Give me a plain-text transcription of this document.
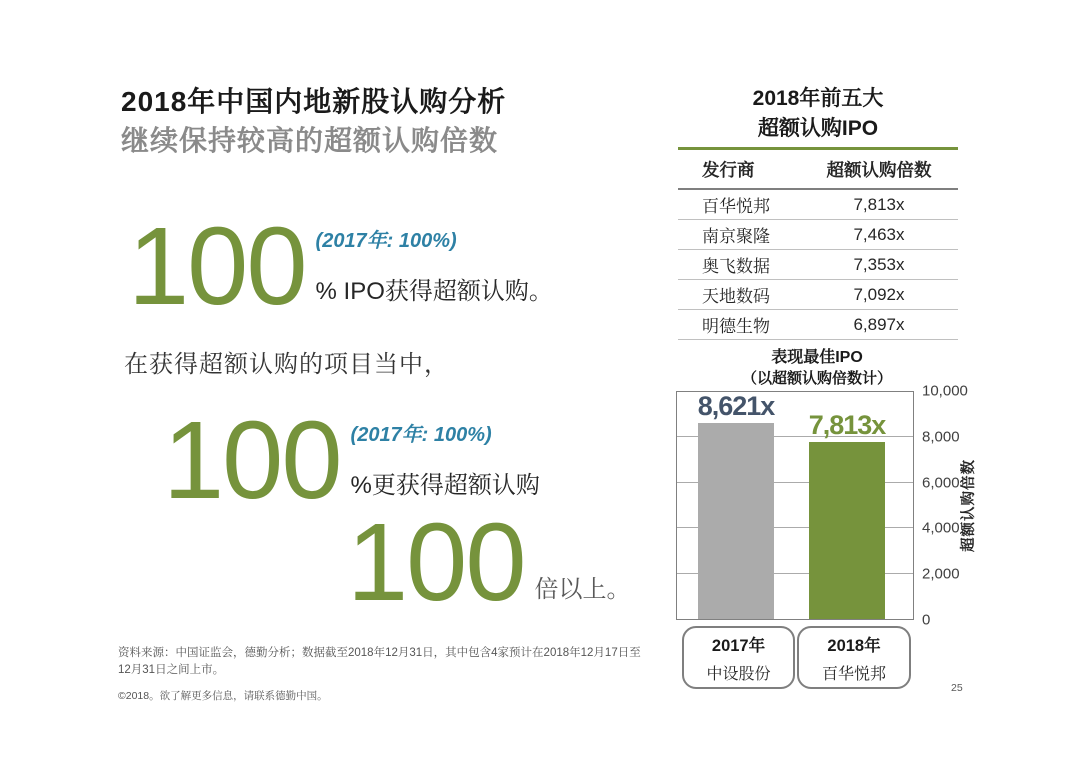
2018年中国内地新股认购分析
继续保持较高的超额认购倍数
100 (2017年: 100%)
% IPO获得超额认购。
在获得超额认购的项目当中，
100 (2017年: 100%)
%更获得超额认购
100 倍以上。
资料来源：中国证监会，德勤分析；数据截至2018年12月31日，其中包含4家预计在2018年12月17日至
12月31日之间上市。
©2018。欲了解更多信息，请联系德勤中国。
25
2018年前五大
超额认购IPO
发行商	超额认购倍数
百华悦邦	7,813x
南京聚隆	7,463x
奥飞数据	7,353x
天地数码	7,092x
明德生物	6,897x
表现最佳IPO
（以超额认购倍数计）
8,621x
7,813x
10,000
8,000
6,000
4,000
2,000
0
超额认购倍数
2017年
中设股份
2018年
百华悦邦
